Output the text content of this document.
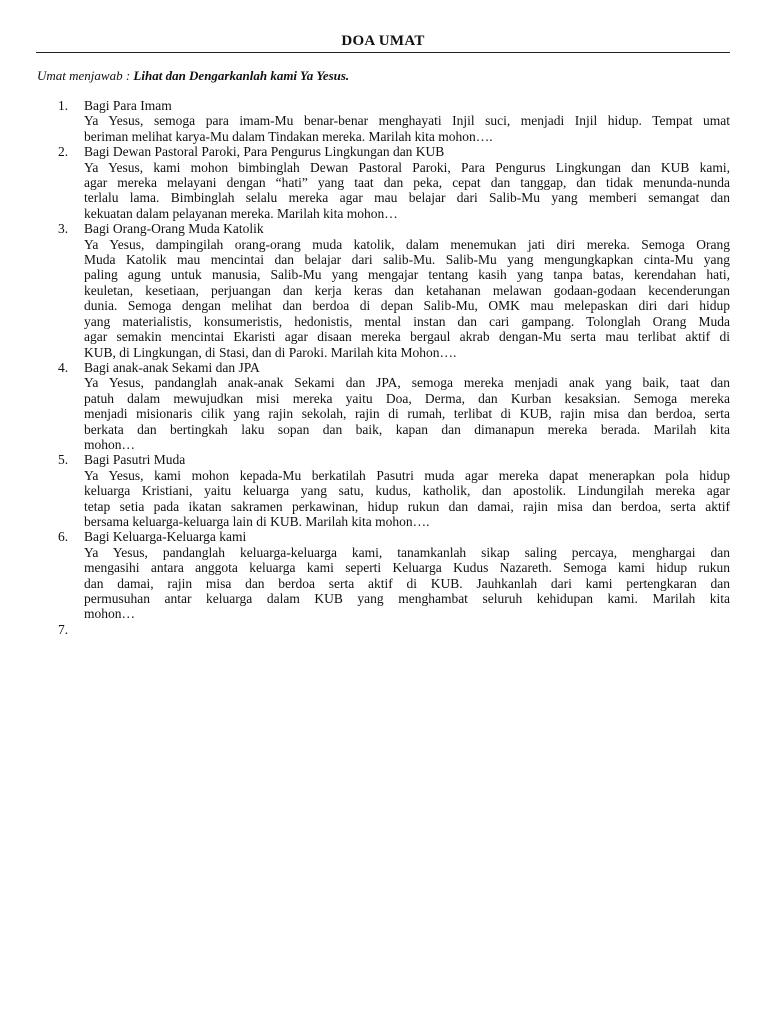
DOA UMAT
Umat menjawab : Lihat dan Dengarkanlah kami Ya Yesus.
1. Bagi Para Imam
Ya Yesus, semoga para imam-Mu benar-benar menghayati Injil suci, menjadi Injil hidup. Tempat umat
beriman melihat karya-Mu dalam Tindakan mereka. Marilah kita mohon….
2. Bagi Dewan Pastoral Paroki, Para Pengurus Lingkungan dan KUB
Ya Yesus, kami mohon bimbinglah Dewan Pastoral Paroki, Para Pengurus Lingkungan dan KUB kami,
agar mereka melayani dengan “hati” yang taat dan peka, cepat dan tanggap, dan tidak menunda-nunda
terlalu lama. Bimbinglah selalu mereka agar mau belajar dari Salib-Mu yang memberi semangat dan
kekuatan dalam pelayanan mereka. Marilah kita mohon…
3. Bagi Orang-Orang Muda Katolik
Ya Yesus, dampingilah orang-orang muda katolik, dalam menemukan jati diri mereka. Semoga Orang
Muda Katolik mau mencintai dan belajar dari salib-Mu. Salib-Mu yang mengungkapkan cinta-Mu yang
paling agung untuk manusia, Salib-Mu yang mengajar tentang kasih yang tanpa batas, kerendahan hati,
keuletan, kesetiaan, perjuangan dan kerja keras dan ketahanan melawan godaan-godaan kecenderungan
dunia. Semoga dengan melihat dan berdoa di depan Salib-Mu, OMK mau melepaskan diri dari hidup
yang materialistis, konsumeristis, hedonistis, mental instan dan cari gampang. Tolonglah Orang Muda
agar semakin mencintai Ekaristi agar disaan mereka bergaul akrab dengan-Mu serta mau terlibat aktif di
KUB, di Lingkungan, di Stasi, dan di Paroki. Marilah kita Mohon….
4. Bagi anak-anak Sekami dan JPA
Ya Yesus, pandanglah anak-anak Sekami dan JPA, semoga mereka menjadi anak yang baik, taat dan
patuh dalam mewujudkan misi mereka yaitu Doa, Derma, dan Kurban kesaksian. Semoga mereka
menjadi misionaris cilik yang rajin sekolah, rajin di rumah, terlibat di KUB, rajin misa dan berdoa, serta
berkata dan bertingkah laku sopan dan baik, kapan dan dimanapun mereka berada. Marilah kita
mohon…
5. Bagi Pasutri Muda
Ya Yesus, kami mohon kepada-Mu berkatilah Pasutri muda agar mereka dapat menerapkan pola hidup
keluarga Kristiani, yaitu keluarga yang satu, kudus, katholik, dan apostolik. Lindungilah mereka agar
tetap setia pada ikatan sakramen perkawinan, hidup rukun dan damai, rajin misa dan berdoa, serta aktif
bersama keluarga-keluarga lain di KUB. Marilah kita mohon….
6. Bagi Keluarga-Keluarga kami
Ya Yesus, pandanglah keluarga-keluarga kami, tanamkanlah sikap saling percaya, menghargai dan
mengasihi antara anggota keluarga kami seperti Keluarga Kudus Nazareth. Semoga kami hidup rukun
dan damai, rajin misa dan berdoa serta aktif di KUB. Jauhkanlah dari kami pertengkaran dan
permusuhan antar keluarga dalam KUB yang menghambat seluruh kehidupan kami. Marilah kita
mohon…
7.
